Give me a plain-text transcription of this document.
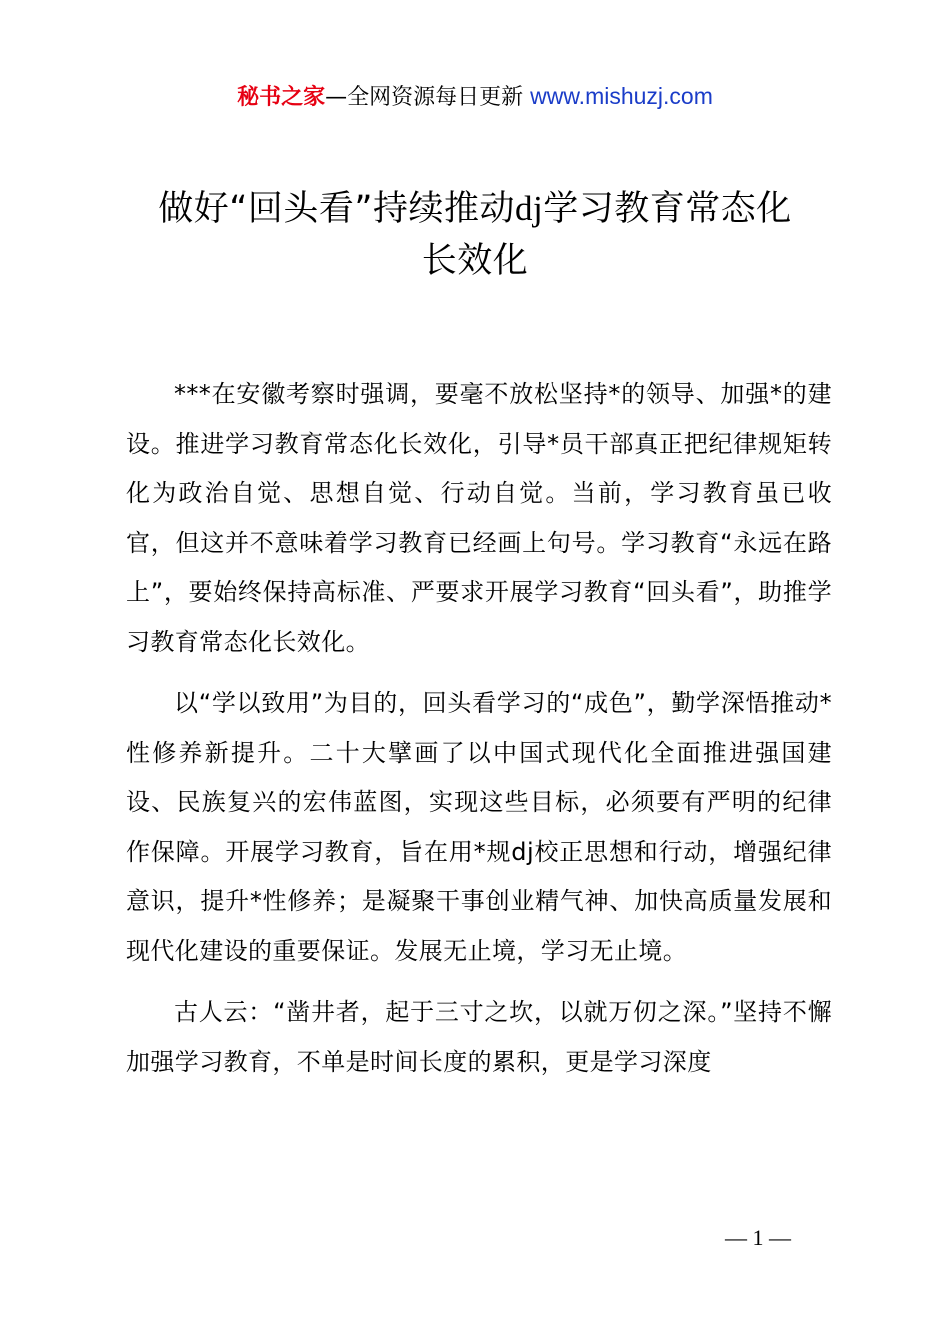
秘书之家—全网资源每日更新 www.mishuzj.com
做好“回头看”持续推动dj学习教育常态化
长效化

***在安徽考察时强调，要毫不放松坚持*的领导、加强*的建设。推进学习教育常态化长效化，引导*员干部真正把纪律规矩转化为政治自觉、思想自觉、行动自觉。当前，学习教育虽已收官，但这并不意味着学习教育已经画上句号。学习教育“永远在路上”，要始终保持高标准、严要求开展学习教育“回头看”，助推学习教育常态化长效化。

以“学以致用”为目的，回头看学习的“成色”，勤学深悟推动*性修养新提升。二十大擘画了以中国式现代化全面推进强国建设、民族复兴的宏伟蓝图，实现这些目标，必须要有严明的纪律作保障。开展学习教育，旨在用*规dj校正思想和行动，增强纪律意识，提升*性修养；是凝聚干事创业精气神、加快高质量发展和现代化建设的重要保证。发展无止境，学习无止境。

古人云：“凿井者，起于三寸之坎，以就万仞之深。”坚持不懈加强学习教育，不单是时间长度的累积，更是学习深度

— 1 —
